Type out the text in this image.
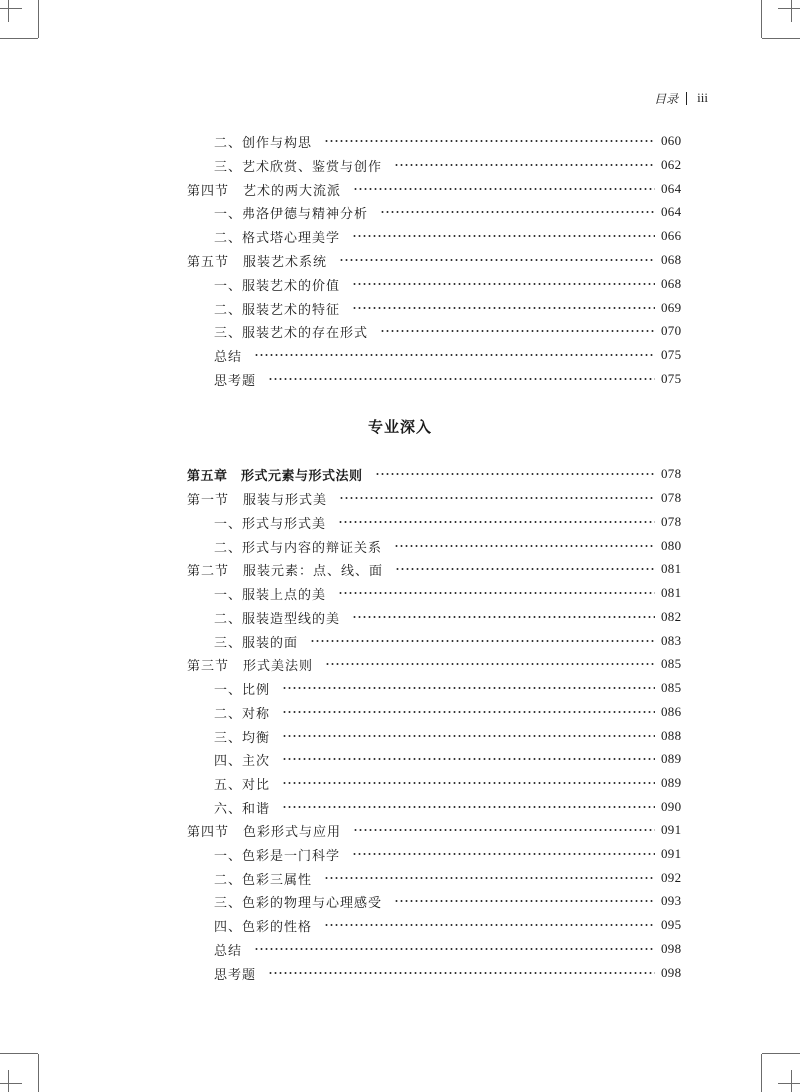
目录 iii
专业深入
二、创作与构思	060
三、艺术欣赏、鉴赏与创作	062
第四节　艺术的两大流派	064
一、弗洛伊德与精神分析	064
二、格式塔心理美学	066
第五节　服装艺术系统	068
一、服装艺术的价值	068
二、服装艺术的特征	069
三、服装艺术的存在形式	070
总结	075
思考题	075
第五章　形式元素与形式法则	078
第一节　服装与形式美	078
一、形式与形式美	078
二、形式与内容的辩证关系	080
第二节　服装元素：点、线、面	081
一、服装上点的美	081
二、服装造型线的美	082
三、服装的面	083
第三节　形式美法则	085
一、比例	085
二、对称	086
三、均衡	088
四、主次	089
五、对比	089
六、和谐	090
第四节　色彩形式与应用	091
一、色彩是一门科学	091
二、色彩三属性	092
三、色彩的物理与心理感受	093
四、色彩的性格	095
总结	098
思考题	098
